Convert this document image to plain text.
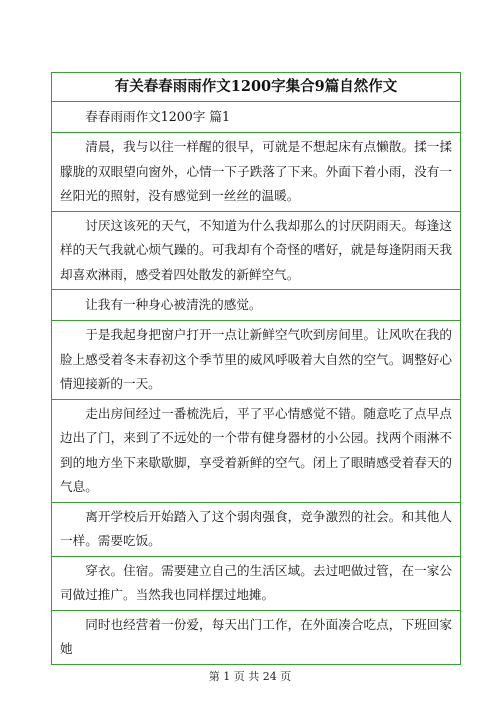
有关春春雨雨作文1200字集合9篇自然作文
春春雨雨作文1200字 篇1
清晨，我与以往一样醒的很早，可就是不想起床有点懒散。揉一揉朦胧的双眼望向窗外，心情一下子跌落了下来。外面下着小雨，没有一丝阳光的照射，没有感觉到一丝丝的温暖。
讨厌这该死的天气，不知道为什么我却那么的讨厌阴雨天。每逢这样的天气我就心烦气躁的。可我却有个奇怪的嗜好，就是每逢阴雨天我却喜欢淋雨，感受着四处散发的新鲜空气。
让我有一种身心被清洗的感觉。
于是我起身把窗户打开一点让新鲜空气吹到房间里。让风吹在我的脸上感受着冬末春初这个季节里的威风呼吸着大自然的空气。调整好心情迎接新的一天。
走出房间经过一番梳洗后，平了平心情感觉不错。随意吃了点早点边出了门，来到了不远处的一个带有健身器材的小公园。找两个雨淋不到的地方坐下来歇歇脚，享受着新鲜的空气。闭上了眼睛感受着春天的气息。
离开学校后开始踏入了这个弱肉强食，竞争激烈的社会。和其他人一样。需要吃饭。
穿衣。住宿。需要建立自己的生活区域。去过吧做过管，在一家公司做过推广。当然我也同样摆过地摊。
同时也经营着一份爱，每天出门工作，在外面凑合吃点，下班回家她
第 1 页 共 24 页
